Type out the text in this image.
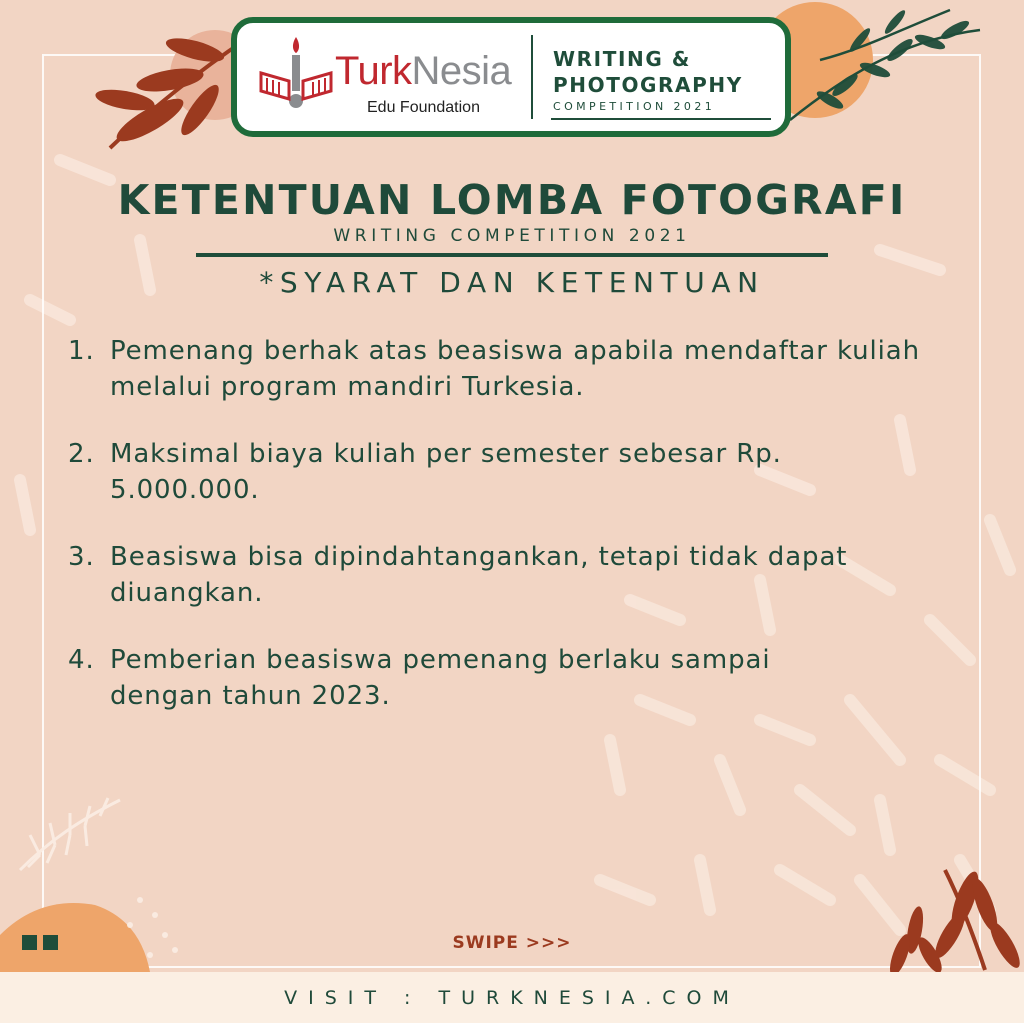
TurkNesia
Edu Foundation
WRITING &
PHOTOGRAPHY
COMPETITION 2021
KETENTUAN LOMBA FOTOGRAFI
WRITING COMPETITION 2021
*SYARAT DAN KETENTUAN
1. Pemenang berhak atas beasiswa apabila mendaftar kuliah melalui program mandiri Turkesia.
2. Maksimal biaya kuliah per semester sebesar Rp. 5.000.000.
3. Beasiswa bisa dipindahtangankan, tetapi tidak dapat diuangkan.
4. Pemberian beasiswa pemenang berlaku sampai dengan tahun 2023.
SWIPE >>>
VISIT : TURKNESIA.COM
